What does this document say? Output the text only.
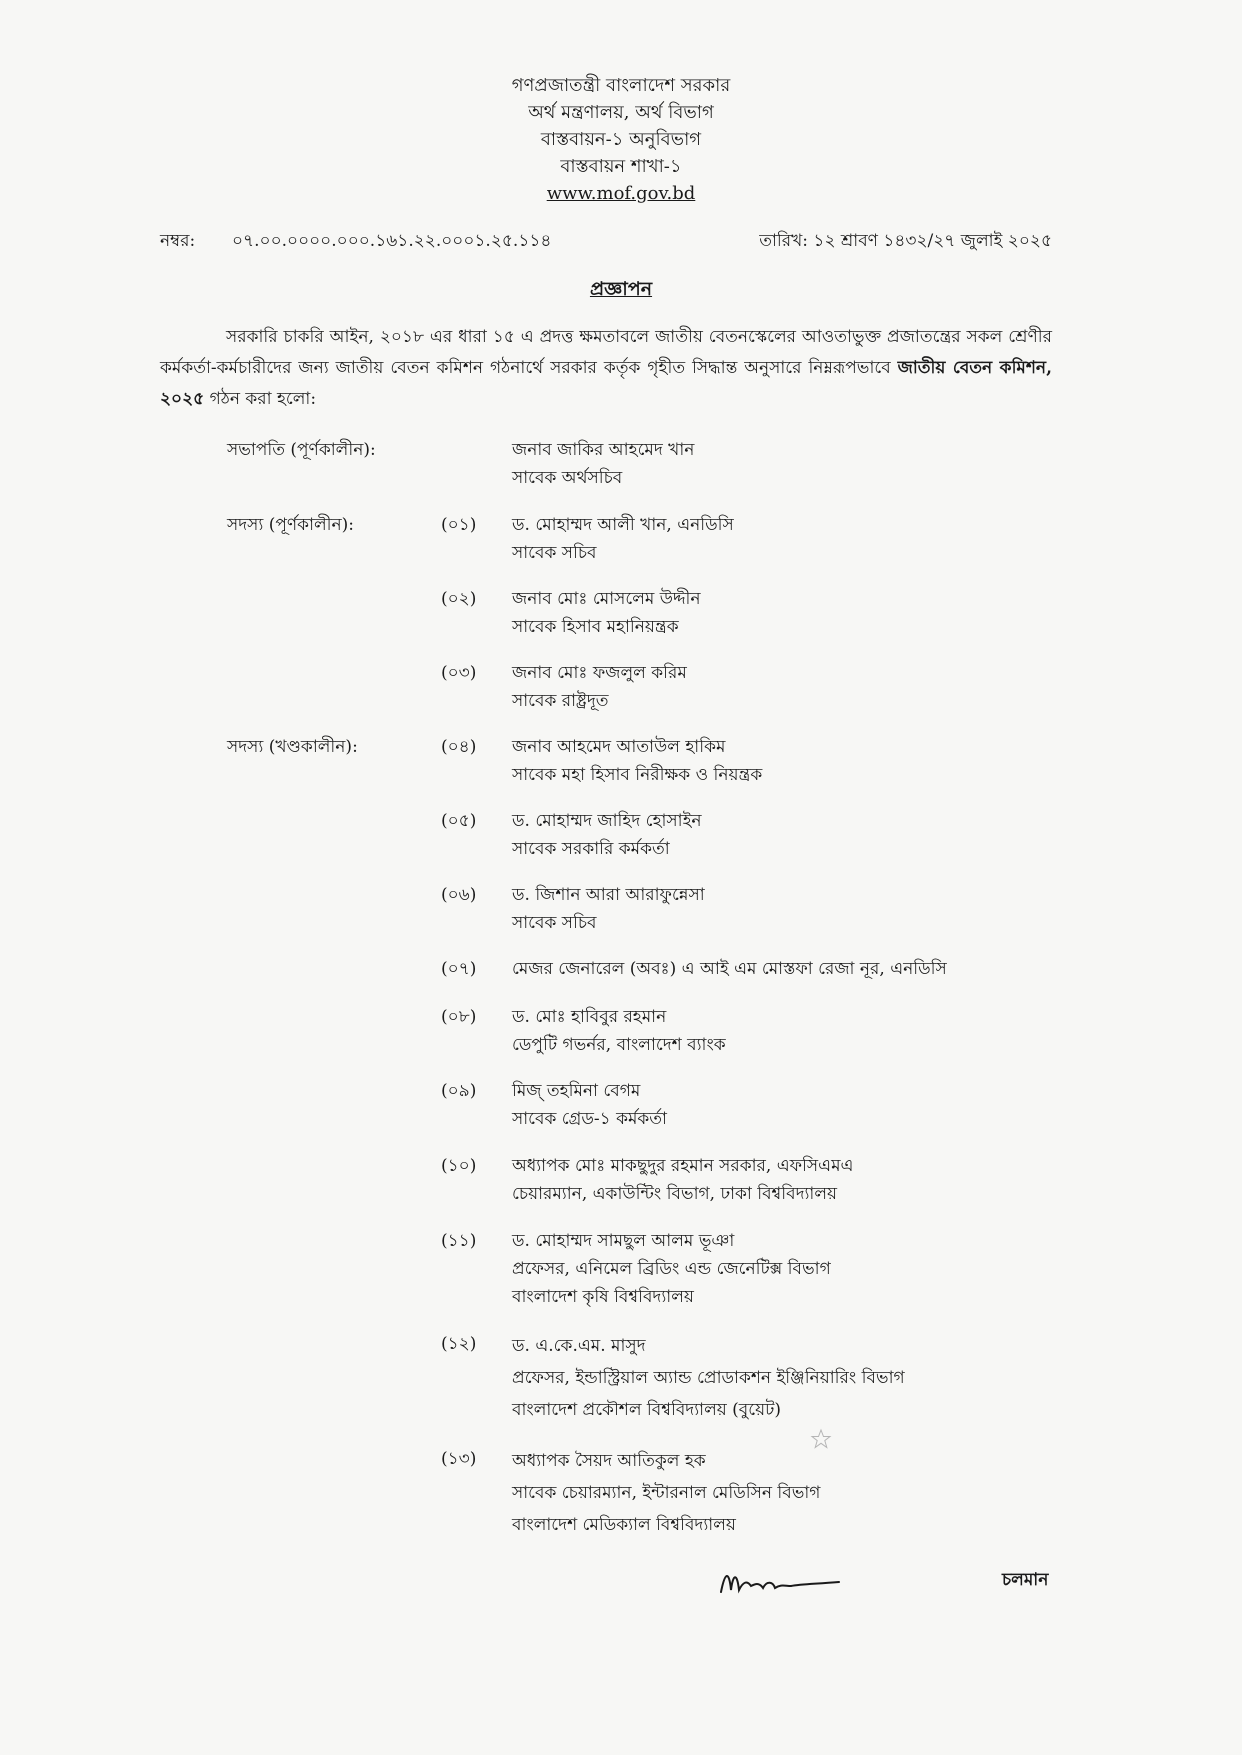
গণপ্রজাতন্ত্রী বাংলাদেশ সরকার
অর্থ মন্ত্রণালয়, অর্থ বিভাগ
বাস্তবায়ন-১ অনুবিভাগ
বাস্তবায়ন শাখা-১
www.mof.gov.bd
নম্বর: ০৭.০০.০০০০.০০০.১৬১.২২.০০০১.২৫.১১৪	তারিখ: ১২ শ্রাবণ ১৪৩২/২৭ জুলাই ২০২৫
প্রজ্ঞাপন
সরকারি চাকরি আইন, ২০১৮ এর ধারা ১৫ এ প্রদত্ত ক্ষমতাবলে জাতীয় বেতনস্কেলের আওতাভুক্ত প্রজাতন্ত্রের সকল শ্রেণীর কর্মকর্তা-কর্মচারীদের জন্য জাতীয় বেতন কমিশন গঠনার্থে সরকার কর্তৃক গৃহীত সিদ্ধান্ত অনুসারে নিম্নরূপভাবে জাতীয় বেতন কমিশন, ২০২৫ গঠন করা হলো:
সভাপতি (পূর্ণকালীন):	জনাব জাকির আহমেদ খান
সাবেক অর্থসচিব
সদস্য (পূর্ণকালীন):	(০১) ড. মোহাম্মদ আলী খান, এনডিসি
সাবেক সচিব
(০২) জনাব মোঃ মোসলেম উদ্দীন
সাবেক হিসাব মহানিয়ন্ত্রক
(০৩) জনাব মোঃ ফজলুল করিম
সাবেক রাষ্ট্রদূত
সদস্য (খণ্ডকালীন):	(০৪) জনাব আহমেদ আতাউল হাকিম
সাবেক মহা হিসাব নিরীক্ষক ও নিয়ন্ত্রক
(০৫) ড. মোহাম্মদ জাহিদ হোসাইন
সাবেক সরকারি কর্মকর্তা
(০৬) ড. জিশান আরা আরাফুন্নেসা
সাবেক সচিব
(০৭) মেজর জেনারেল (অবঃ) এ আই এম মোস্তফা রেজা নূর, এনডিসি
(০৮) ড. মোঃ হাবিবুর রহমান
ডেপুটি গভর্নর, বাংলাদেশ ব্যাংক
(০৯) মিজ্ তহমিনা বেগম
সাবেক গ্রেড-১ কর্মকর্তা
(১০) অধ্যাপক মোঃ মাকছুদুর রহমান সরকার, এফসিএমএ
চেয়ারম্যান, একাউন্টিং বিভাগ, ঢাকা বিশ্ববিদ্যালয়
(১১) ড. মোহাম্মদ সামছুল আলম ভূঞা
প্রফেসর, এনিমেল ব্রিডিং এন্ড জেনেটিক্স বিভাগ
বাংলাদেশ কৃষি বিশ্ববিদ্যালয়
(১২) ড. এ.কে.এম. মাসুদ
প্রফেসর, ইন্ডাস্ট্রিয়াল অ্যান্ড প্রোডাকশন ইঞ্জিনিয়ারিং বিভাগ
বাংলাদেশ প্রকৌশল বিশ্ববিদ্যালয় (বুয়েট)
(১৩) অধ্যাপক সৈয়দ আতিকুল হক
সাবেক চেয়ারম্যান, ইন্টারনাল মেডিসিন বিভাগ
বাংলাদেশ মেডিক্যাল বিশ্ববিদ্যালয়
চলমান
